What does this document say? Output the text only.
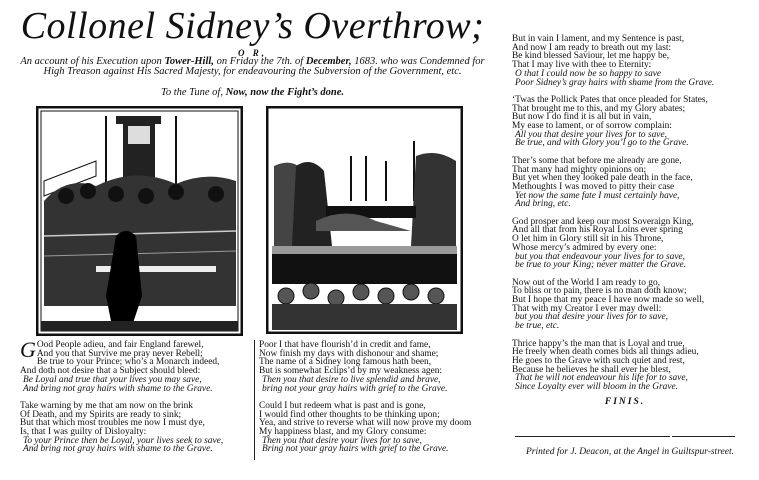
Collonel Sidney’s Overthrow;
O R,
An account of his Execution upon Tower-Hill, on Friday the 7th. of December, 1683. who was Condemned for High Treason against His Sacred Majesty, for endeavouring the Subversion of the Government, etc.
To the Tune of, Now, now the Fight’s done.
G Ood People adieu, and fair England farewel,
And you that Survive me pray never Rebell;
Be true to your Prince; who’s a Monarch indeed,
And doth not desire that a Subject should bleed:
Be Loyal and true that your lives you may save,
And bring not gray hairs with shame to the Grave.
Take warning by me that am now on the brink
Of Death, and my Spirits are ready to sink;
But that which most troubles me now I must dye,
Is, that I was guilty of Disloyalty:
To your Prince then be Loyal, your lives seek to save,
And bring not gray hairs with shame to the Grave.
Poor I that have flourish’d in credit and fame,
Now finish my days with dishonour and shame;
The name of a Sidney long famous hath been,
But is somewhat Eclips’d by my weakness agen:
Then you that desire to live splendid and brave,
bring not your gray hairs with grief to the Grave.
Could I but redeem what is past and is gone,
I would find other thoughts to be thinking upon;
Yea, and strive to reverse what will now prove my doom
My happiness blast, and my Glory consume:
Then you that desire your lives for to save,
Bring not your gray hairs with grief to the Grave.
But in vain I lament, and my Sentence is past,
And now I am ready to breath out my last:
Be kind blessed Saviour, let me happy be,
That I may live with thee to Eternity:
O that I could now be so happy to save
Poor Sidney’s gray hairs with shame from the Grave.
‘Twas the Pollick Pates that once pleaded for States,
That brought me to this, and my Glory abates;
But now I do find it is all but in vain,
My ease to lament, or of sorrow complain:
All you that desire your lives for to save,
Be true, and with Glory you’l go to the Grave.
Ther’s some that before me already are gone,
That many had mighty opinions on;
But yet when they looked pale death in the face,
Methoughts I was moved to pitty their case
Yet now the same fate I must certainly have,
And bring, etc.
God prosper and keep our most Soveraign King,
And all that from his Royal Loins ever spring
O let him in Glory still sit in his Throne,
Whose mercy’s admired by every one:
but you that endeavour your lives for to save,
be true to your King; never matter the Grave.
Now out of the World I am ready to go,
To bliss or to pain, there is no man doth know;
But I hope that my peace I have now made so well,
That with my Creator I ever may dwell:
but you that desire your lives for to save,
be true, etc.
Thrice happy’s the man that is Loyal and true,
He freely when death comes bids all things adieu,
He goes to the Grave with such quiet and rest,
Because he believes he shall ever he blest,
That he will not endeavour his life for to save,
Since Loyalty ever will bloom in the Grave.
FINIS.
Printed for J. Deacon, at the Angel in Guiltspur-street.
